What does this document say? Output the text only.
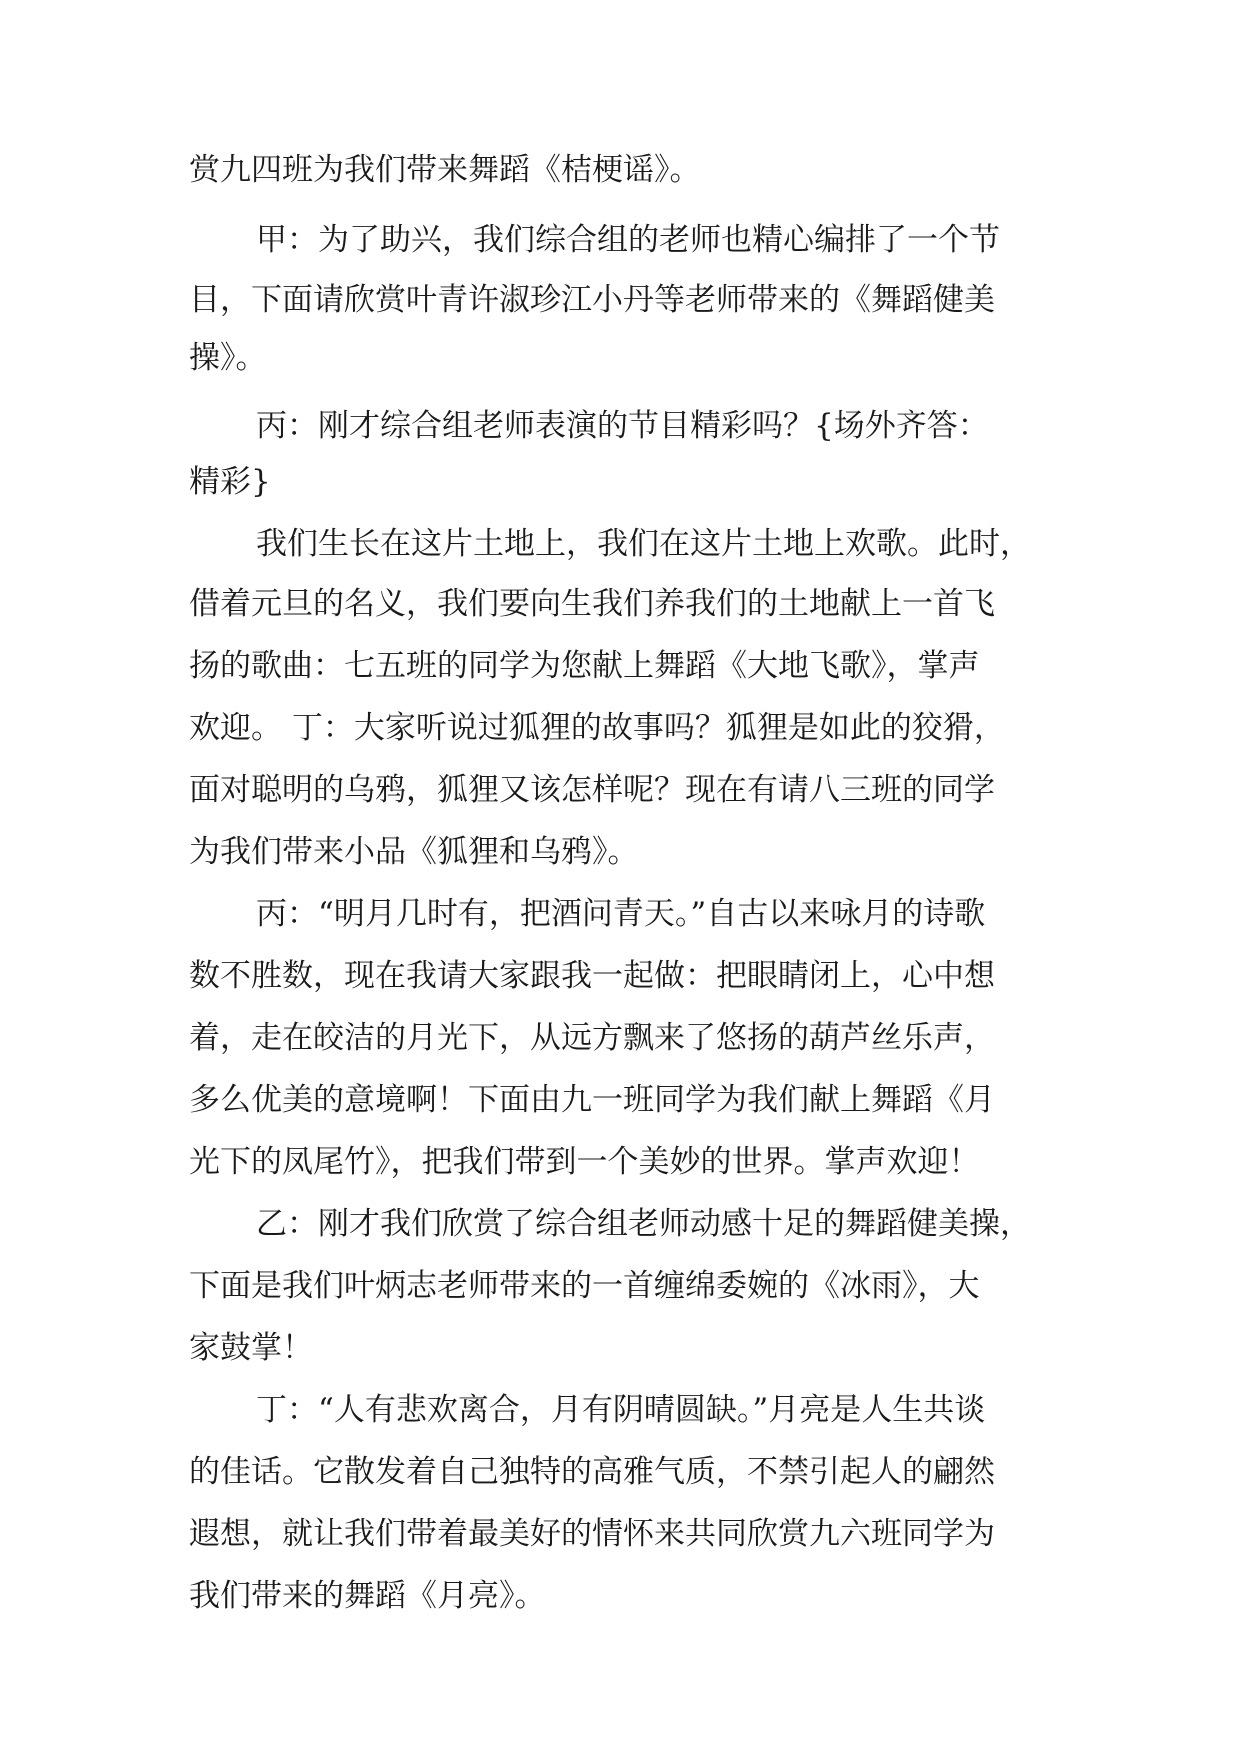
赏九四班为我们带来舞蹈《桔梗谣》。

甲：为了助兴，我们综合组的老师也精心编排了一个节

目，下面请欣赏叶青许淑珍江小丹等老师带来的《舞蹈健美

操》。

丙：刚才综合组老师表演的节目精彩吗？{场外齐答：

精彩}

我们生长在这片土地上，我们在这片土地上欢歌。此时，

借着元旦的名义，我们要向生我们养我们的土地献上一首飞

扬的歌曲：七五班的同学为您献上舞蹈《大地飞歌》，掌声

欢迎。 丁：大家听说过狐狸的故事吗？狐狸是如此的狡猾，

面对聪明的乌鸦，狐狸又该怎样呢？现在有请八三班的同学

为我们带来小品《狐狸和乌鸦》。

丙：“明月几时有，把酒问青天。”自古以来咏月的诗歌

数不胜数，现在我请大家跟我一起做：把眼睛闭上，心中想

着，走在皎洁的月光下，从远方飘来了悠扬的葫芦丝乐声，

多么优美的意境啊！下面由九一班同学为我们献上舞蹈《月

光下的凤尾竹》，把我们带到一个美妙的世界。掌声欢迎！

乙：刚才我们欣赏了综合组老师动感十足的舞蹈健美操，

下面是我们叶炳志老师带来的一首缠绵委婉的《冰雨》，大

家鼓掌！

丁：“人有悲欢离合，月有阴晴圆缺。”月亮是人生共谈

的佳话。它散发着自己独特的高雅气质，不禁引起人的翩然

遐想，就让我们带着最美好的情怀来共同欣赏九六班同学为

我们带来的舞蹈《月亮》。
